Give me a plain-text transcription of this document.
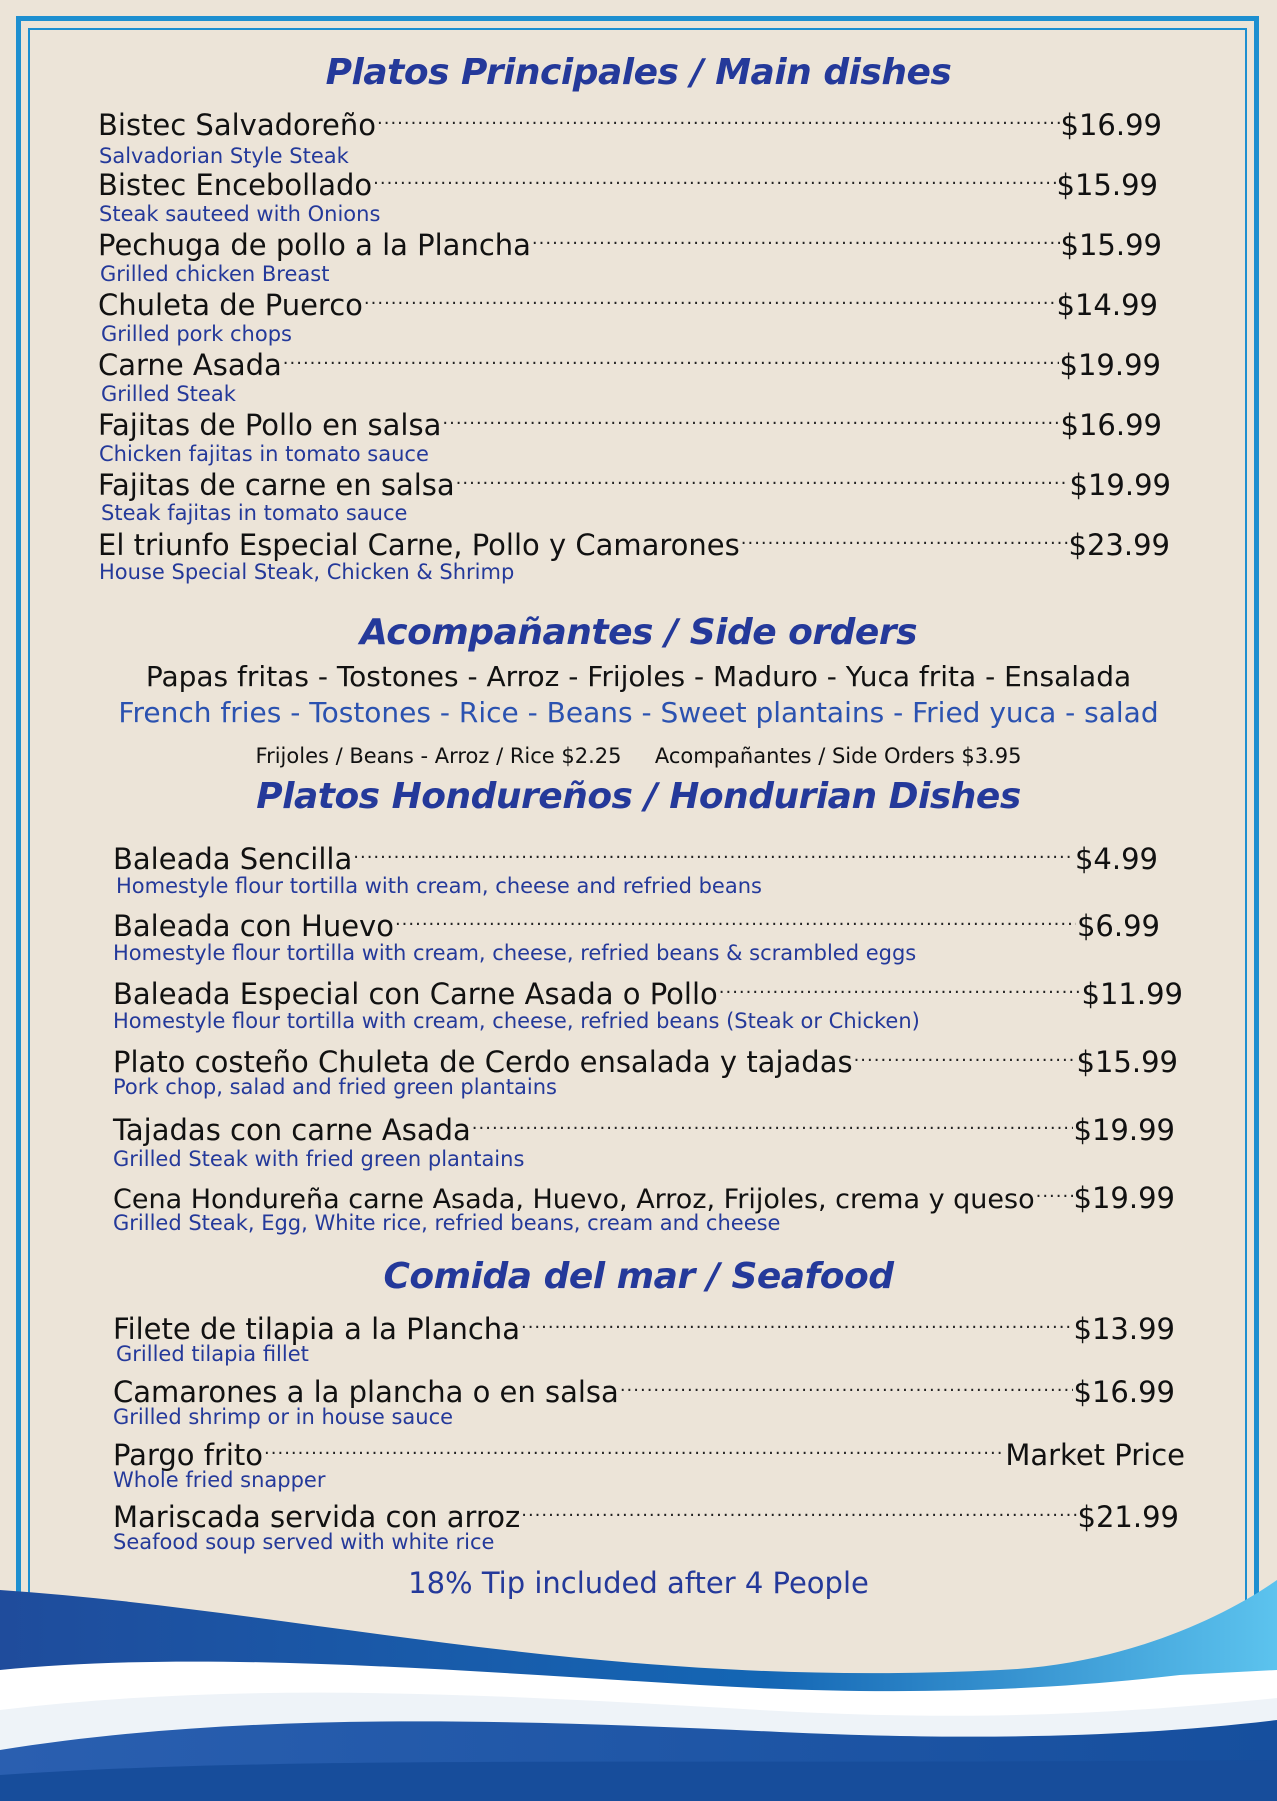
Platos Principales / Main dishes
Bistec Salvadoreño .....	$16.99
Salvadorian Style Steak
Bistec Encebollado .....	$15.99
Steak sauteed with Onions
Pechuga de pollo a la Plancha .....	$15.99
Grilled chicken Breast
Chuleta de Puerco .....	$14.99
Grilled pork chops
Carne Asada .....	$19.99
Grilled Steak
Fajitas de Pollo en salsa .....	$16.99
Chicken fajitas in tomato sauce
Fajitas de carne en salsa .....	$19.99
Steak fajitas in tomato sauce
El triunfo Especial Carne, Pollo y Camarones .....	$23.99
House Special Steak, Chicken & Shrimp
Acompañantes / Side orders
Papas fritas - Tostones - Arroz - Frijoles - Maduro - Yuca frita - Ensalada
French fries - Tostones - Rice - Beans - Sweet plantains - Fried yuca - salad
Frijoles / Beans - Arroz / Rice $2.25     Acompañantes / Side Orders $3.95
Platos Hondureños / Hondurian Dishes
Baleada Sencilla .....	$4.99
Homestyle flour tortilla with cream, cheese and refried beans
Baleada con Huevo .....	$6.99
Homestyle flour tortilla with cream, cheese, refried beans & scrambled eggs
Baleada Especial con Carne Asada o Pollo .....	$11.99
Homestyle flour tortilla with cream, cheese, refried beans (Steak or Chicken)
Plato costeño Chuleta de Cerdo ensalada y tajadas .....	$15.99
Pork chop, salad and fried green plantains
Tajadas con carne Asada .....	$19.99
Grilled Steak with fried green plantains
Cena Hondureña carne Asada, Huevo, Arroz, Frijoles, crema y queso ..... $19.99
Grilled Steak, Egg, White rice, refried beans, cream and cheese
Comida del mar / Seafood
Filete de tilapia a la Plancha .....	$13.99
Grilled tilapia fillet
Camarones a la plancha o en salsa .....	$16.99
Grilled shrimp or in house sauce
Pargo frito .....	Market Price
Whole fried snapper
Mariscada servida con arroz .....	$21.99
Seafood soup served with white rice
18% Tip included after 4 People
